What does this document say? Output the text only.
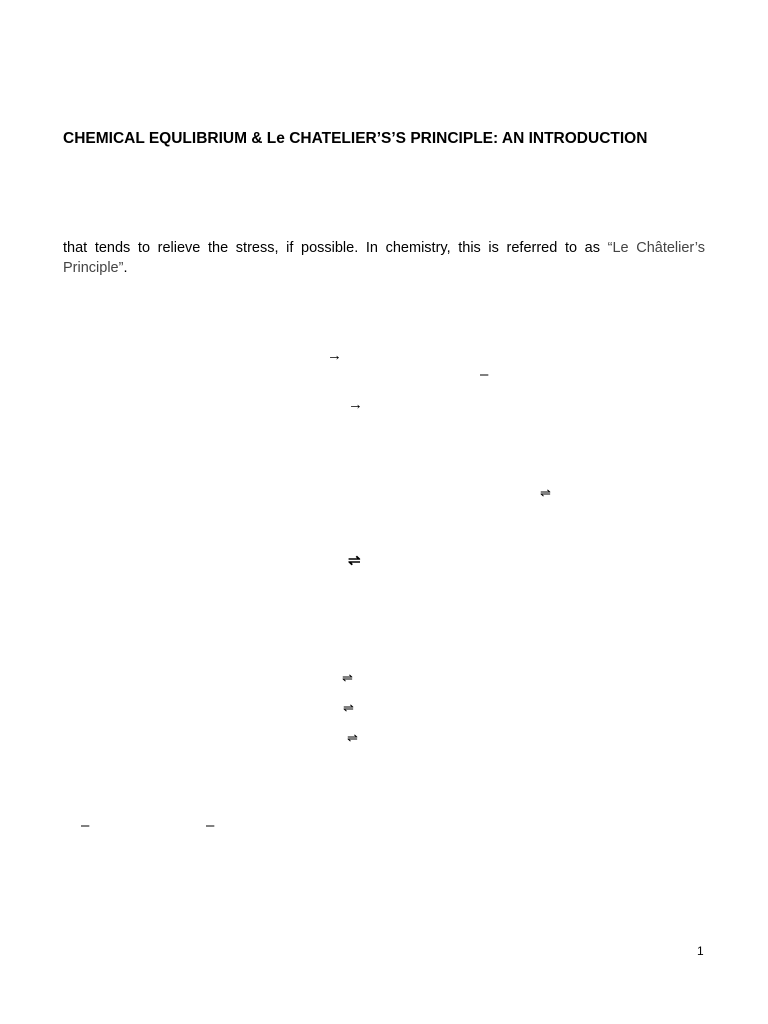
CHEMICAL EQULIBRIUM & Le CHATELIER’S’S PRINCIPLE: AN INTRODUCTION

that tends to relieve the stress, if possible. In chemistry, this is referred to as “Le Châtelier’s Principle”.

→
–
→
⇌
⇌
⇌
⇌
⇌
–	–
1
